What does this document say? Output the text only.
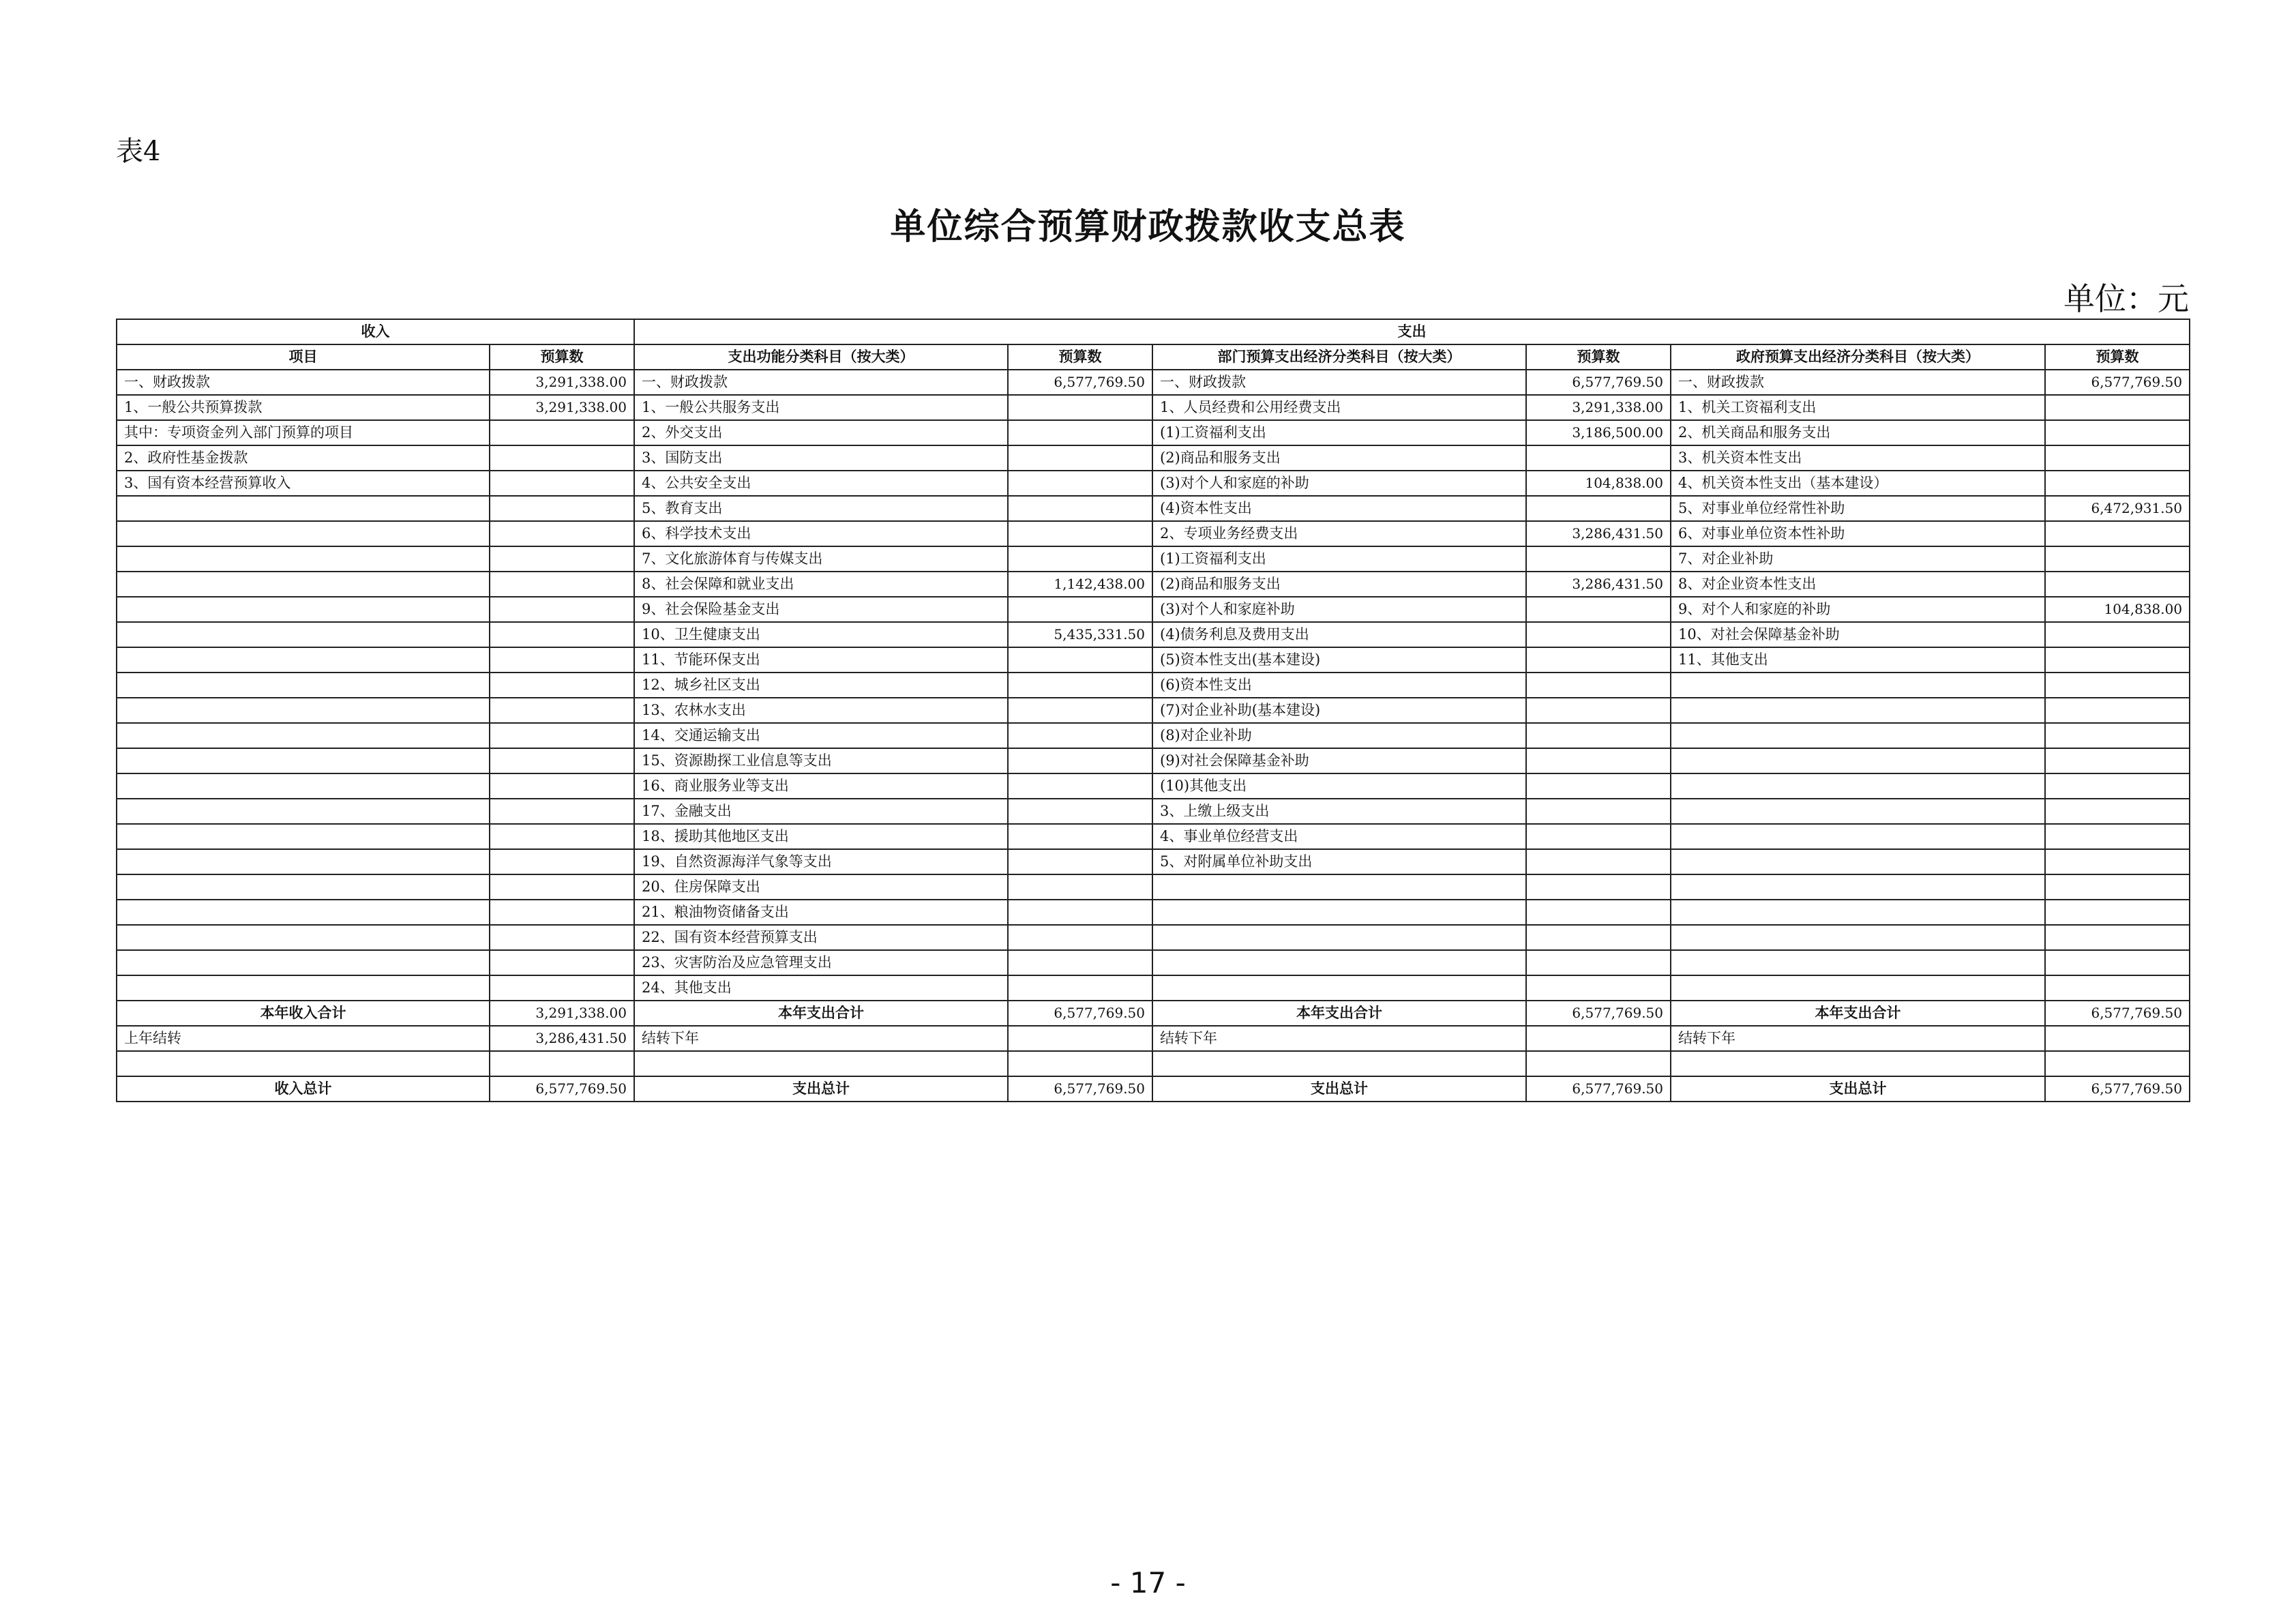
表4
单位综合预算财政拨款收支总表
单位：元
收入		支出					
项目	预算数	支出功能分类科目（按大类）	预算数	部门预算支出经济分类科目（按大类）	预算数	政府预算支出经济分类科目（按大类）	预算数
一、财政拨款	3,291,338.00	一、财政拨款	6,577,769.50	一、财政拨款	6,577,769.50	一、财政拨款	6,577,769.50
1、一般公共预算拨款	3,291,338.00	1、一般公共服务支出		1、人员经费和公用经费支出	3,291,338.00	1、机关工资福利支出	
其中：专项资金列入部门预算的项目		2、外交支出		(1)工资福利支出	3,186,500.00	2、机关商品和服务支出	
2、政府性基金拨款		3、国防支出		(2)商品和服务支出		3、机关资本性支出	
3、国有资本经营预算收入		4、公共安全支出		(3)对个人和家庭的补助	104,838.00	4、机关资本性支出（基本建设）	
		5、教育支出		(4)资本性支出		5、对事业单位经常性补助	6,472,931.50
		6、科学技术支出		2、专项业务经费支出	3,286,431.50	6、对事业单位资本性补助	
		7、文化旅游体育与传媒支出		(1)工资福利支出		7、对企业补助	
		8、社会保障和就业支出	1,142,438.00	(2)商品和服务支出	3,286,431.50	8、对企业资本性支出	
		9、社会保险基金支出		(3)对个人和家庭补助		9、对个人和家庭的补助	104,838.00
		10、卫生健康支出	5,435,331.50	(4)债务利息及费用支出		10、对社会保障基金补助	
		11、节能环保支出		(5)资本性支出(基本建设)		11、其他支出	
		12、城乡社区支出		(6)资本性支出			
		13、农林水支出		(7)对企业补助(基本建设)			
		14、交通运输支出		(8)对企业补助			
		15、资源勘探工业信息等支出		(9)对社会保障基金补助			
		16、商业服务业等支出		(10)其他支出			
		17、金融支出		3、上缴上级支出			
		18、援助其他地区支出		4、事业单位经营支出			
		19、自然资源海洋气象等支出		5、对附属单位补助支出			
		20、住房保障支出					
		21、粮油物资储备支出					
		22、国有资本经营预算支出					
		23、灾害防治及应急管理支出					
		24、其他支出					
本年收入合计	3,291,338.00	本年支出合计	6,577,769.50	本年支出合计	6,577,769.50	本年支出合计	6,577,769.50
上年结转	3,286,431.50	结转下年		结转下年		结转下年	

收入总计	6,577,769.50	支出总计	6,577,769.50	支出总计	6,577,769.50	支出总计	6,577,769.50
- 17 -
